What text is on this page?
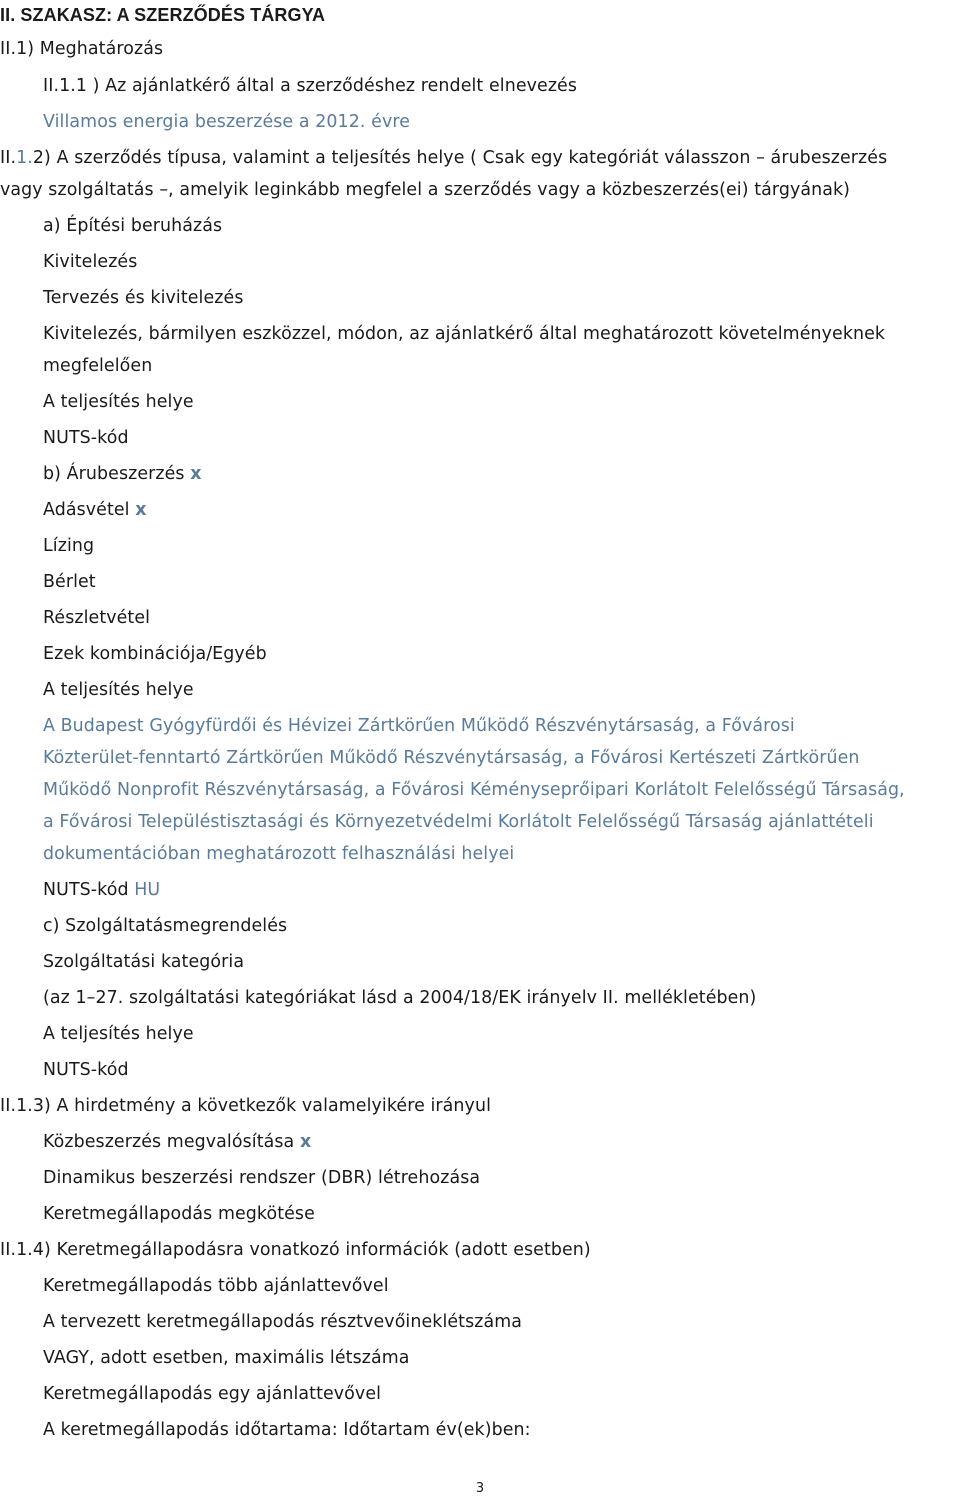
II. SZAKASZ: A SZERZŐDÉS TÁRGYA
II.1) Meghatározás
II.1.1 ) Az ajánlatkérő által a szerződéshez rendelt elnevezés
Villamos energia beszerzése a 2012. évre
II.1.2) A szerződés típusa, valamint a teljesítés helye ( Csak egy kategóriát válasszon – árubeszerzés
vagy szolgáltatás –, amelyik leginkább megfelel a szerződés vagy a közbeszerzés(ei) tárgyának)
a) Építési beruházás
Kivitelezés
Tervezés és kivitelezés
Kivitelezés, bármilyen eszközzel, módon, az ajánlatkérő által meghatározott követelményeknek
megfelelően
A teljesítés helye
NUTS-kód
b) Árubeszerzés x
Adásvétel x
Lízing
Bérlet
Részletvétel
Ezek kombinációja/Egyéb
A teljesítés helye
A Budapest Gyógyfürdői és Hévizei Zártkörűen Működő Részvénytársaság, a Fővárosi
Közterület-fenntartó Zártkörűen Működő Részvénytársaság, a Fővárosi Kertészeti Zártkörűen
Működő Nonprofit Részvénytársaság, a Fővárosi Kéményseprőipari Korlátolt Felelősségű Társaság,
a Fővárosi Településtisztasági és Környezetvédelmi Korlátolt Felelősségű Társaság ajánlattételi
dokumentációban meghatározott felhasználási helyei
NUTS-kód HU
c) Szolgáltatásmegrendelés
Szolgáltatási kategória
(az 1–27. szolgáltatási kategóriákat lásd a 2004/18/EK irányelv II. mellékletében)
A teljesítés helye
NUTS-kód
II.1.3) A hirdetmény a következők valamelyikére irányul
Közbeszerzés megvalósítása x
Dinamikus beszerzési rendszer (DBR) létrehozása
Keretmegállapodás megkötése
II.1.4) Keretmegállapodásra vonatkozó információk (adott esetben)
Keretmegállapodás több ajánlattevővel
A tervezett keretmegállapodás résztvevőineklétszáma
VAGY, adott esetben, maximális létszáma
Keretmegállapodás egy ajánlattevővel
A keretmegállapodás időtartama: Időtartam év(ek)ben:
3
